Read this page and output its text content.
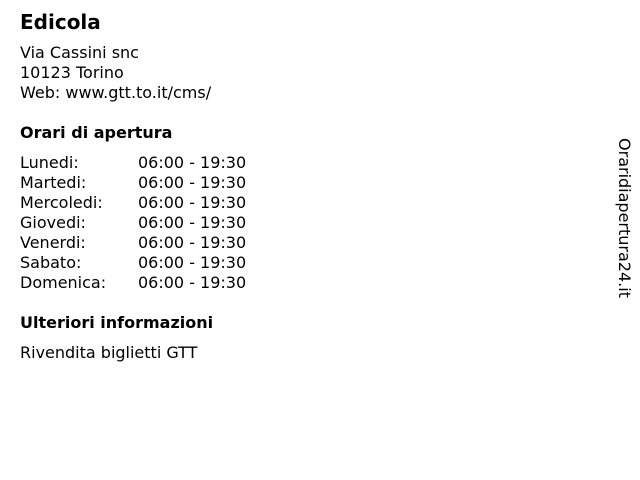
Edicola
Via Cassini snc
10123 Torino
Web: www.gtt.to.it/cms/
Orari di apertura
Lunedi:	06:00 - 19:30
Martedi:	06:00 - 19:30
Mercoledi:	06:00 - 19:30
Giovedi:	06:00 - 19:30
Venerdi:	06:00 - 19:30
Sabato:	06:00 - 19:30
Domenica:	06:00 - 19:30
Ulteriori informazioni
Rivendita biglietti GTT
Oraridiapertura24.it
